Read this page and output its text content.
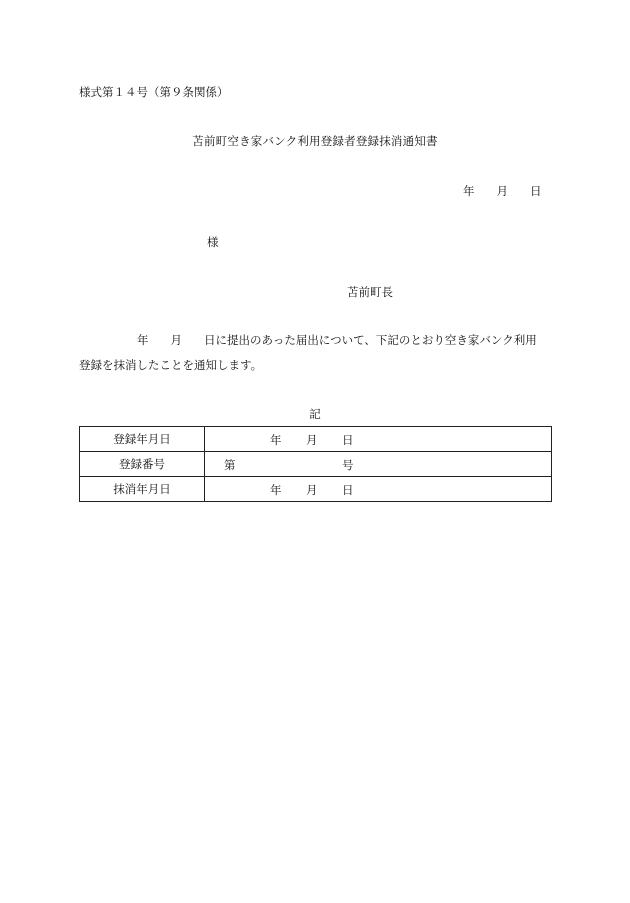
様式第１４号（第９条関係）
苫前町空き家バンク利用登録者登録抹消通知書
年 月 日
様
苫前町長
年 月 日に提出のあった届出について、下記のとおり空き家バンク利用
登録を抹消したことを通知します。
記
登録年月日	年 月 日

登録番号	第 号

抹消年月日	年 月 日
